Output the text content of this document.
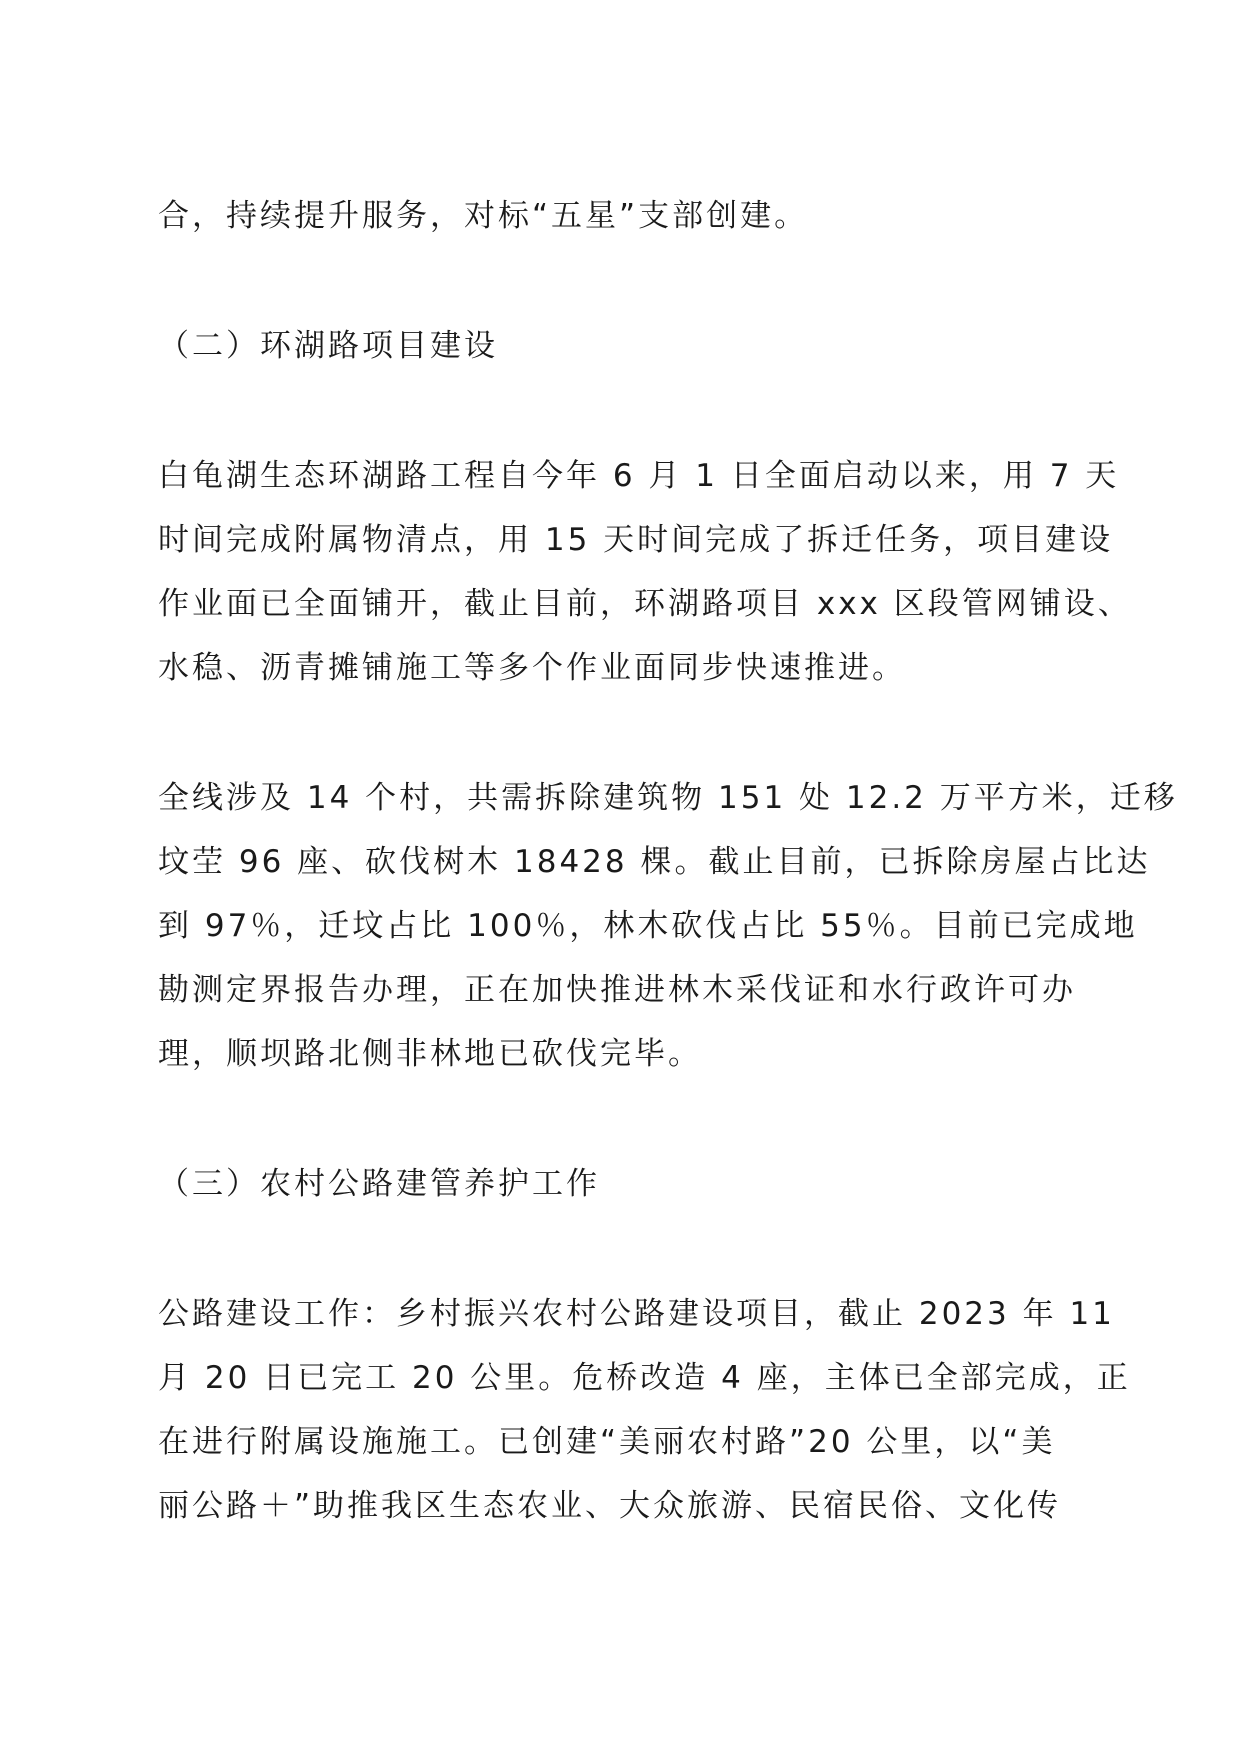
合，持续提升服务，对标“五星”支部创建。
（二）环湖路项目建设
白龟湖生态环湖路工程自今年 6 月 1 日全面启动以来，用 7 天
时间完成附属物清点，用 15 天时间完成了拆迁任务，项目建设
作业面已全面铺开，截止目前，环湖路项目 xxx 区段管网铺设、
水稳、沥青摊铺施工等多个作业面同步快速推进。
全线涉及 14 个村，共需拆除建筑物 151 处 12.2 万平方米，迁移
坟茔 96 座、砍伐树木 18428 棵。截止目前，已拆除房屋占比达
到 97％，迁坟占比 100％，林木砍伐占比 55％。目前已完成地
勘测定界报告办理，正在加快推进林木采伐证和水行政许可办
理，顺坝路北侧非林地已砍伐完毕。
（三）农村公路建管养护工作
公路建设工作：乡村振兴农村公路建设项目，截止 2023 年 11
月 20 日已完工 20 公里。危桥改造 4 座，主体已全部完成，正
在进行附属设施施工。已创建“美丽农村路”20 公里，以“美
丽公路＋”助推我区生态农业、大众旅游、民宿民俗、文化传
